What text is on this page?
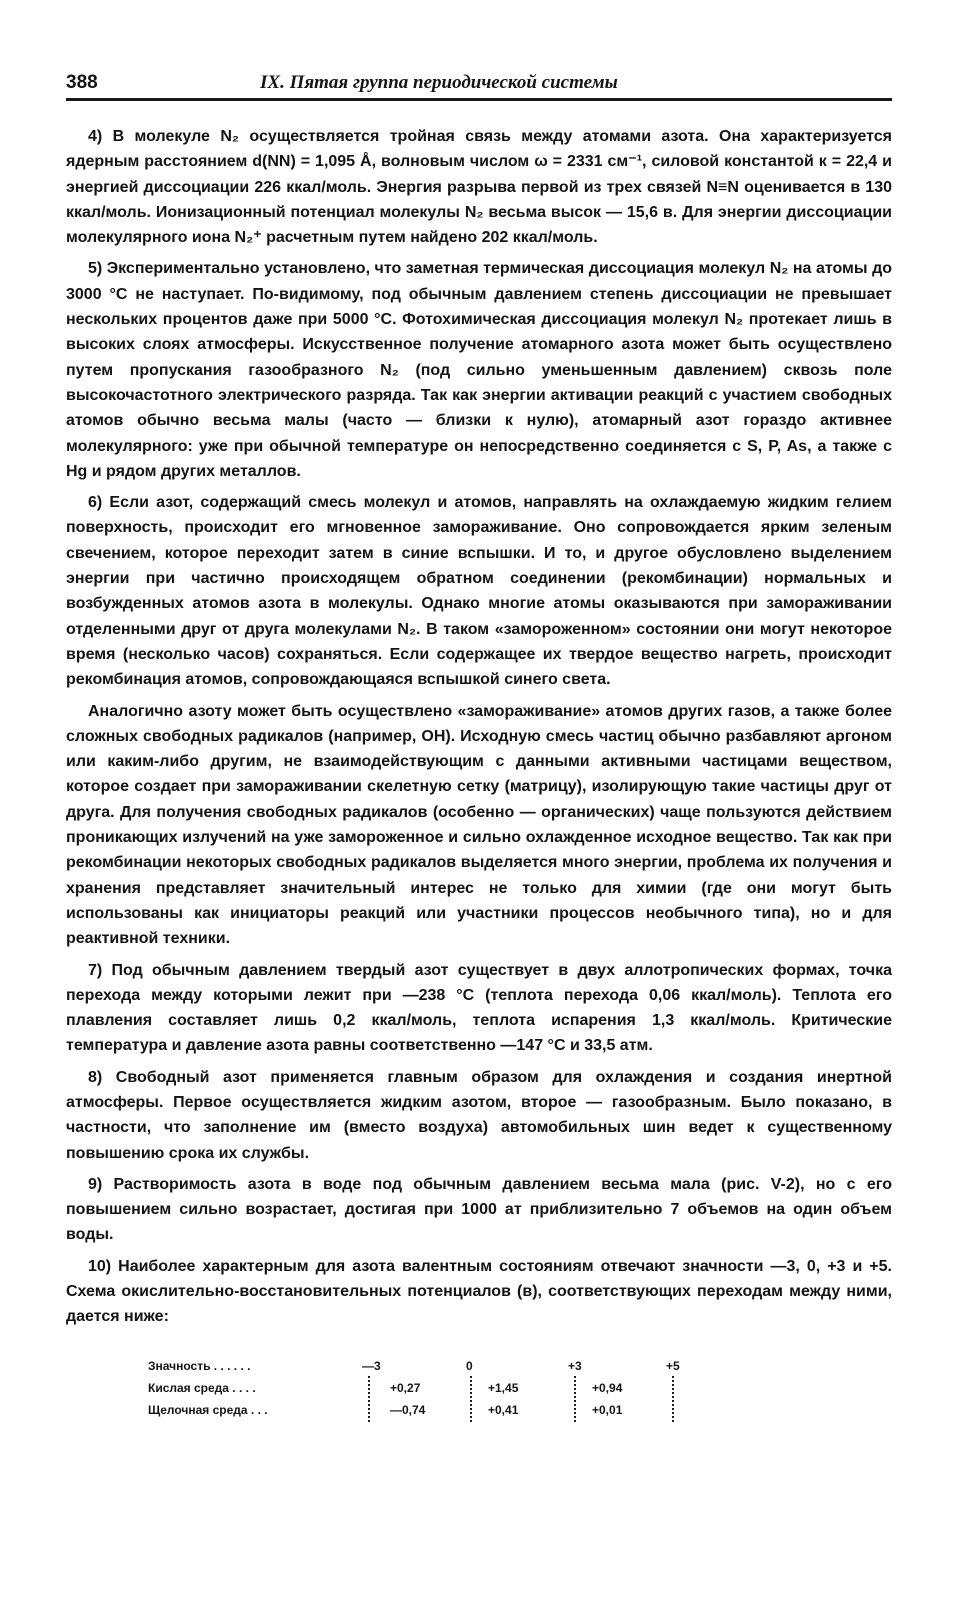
388	IX. Пятая группа периодической системы

4) В молекуле N₂ осуществляется тройная связь между атомами азота. Она характеризуется ядерным расстоянием d(NN) = 1,095 Å, волновым числом ω = 2331 см⁻¹, силовой константой к = 22,4 и энергией диссоциации 226 ккал/моль. Энергия разрыва первой из трех связей N≡N оценивается в 130 ккал/моль. Ионизационный потенциал молекулы N₂ весьма высок — 15,6 в. Для энергии диссоциации молекулярного иона N₂⁺ расчетным путем найдено 202 ккал/моль.

5) Экспериментально установлено, что заметная термическая диссоциация молекул N₂ на атомы до 3000 °С не наступает. По-видимому, под обычным давлением степень диссоциации не превышает нескольких процентов даже при 5000 °С. Фотохимическая диссоциация молекул N₂ протекает лишь в высоких слоях атмосферы. Искусственное получение атомарного азота может быть осуществлено путем пропускания газообразного N₂ (под сильно уменьшенным давлением) сквозь поле высокочастотного электрического разряда. Так как энергии активации реакций с участием свободных атомов обычно весьма малы (часто — близки к нулю), атомарный азот гораздо активнее молекулярного: уже при обычной температуре он непосредственно соединяется с S, P, As, а также с Hg и рядом других металлов.

6) Если азот, содержащий смесь молекул и атомов, направлять на охлаждаемую жидким гелием поверхность, происходит его мгновенное замораживание. Оно сопровождается ярким зеленым свечением, которое переходит затем в синие вспышки. И то, и другое обусловлено выделением энергии при частично происходящем обратном соединении (рекомбинации) нормальных и возбужденных атомов азота в молекулы. Однако многие атомы оказываются при замораживании отделенными друг от друга молекулами N₂. В таком «замороженном» состоянии они могут некоторое время (несколько часов) сохраняться. Если содержащее их твердое вещество нагреть, происходит рекомбинация атомов, сопровождающаяся вспышкой синего света.

Аналогично азоту может быть осуществлено «замораживание» атомов других газов, а также более сложных свободных радикалов (например, OH). Исходную смесь частиц обычно разбавляют аргоном или каким-либо другим, не взаимодействующим с данными активными частицами веществом, которое создает при замораживании скелетную сетку (матрицу), изолирующую такие частицы друг от друга. Для получения свободных радикалов (особенно — органических) чаще пользуются действием проникающих излучений на уже замороженное и сильно охлажденное исходное вещество. Так как при рекомбинации некоторых свободных радикалов выделяется много энергии, проблема их получения и хранения представляет значительный интерес не только для химии (где они могут быть использованы как инициаторы реакций или участники процессов необычного типа), но и для реактивной техники.

7) Под обычным давлением твердый азот существует в двух аллотропических формах, точка перехода между которыми лежит при —238 °С (теплота перехода 0,06 ккал/моль). Теплота его плавления составляет лишь 0,2 ккал/моль, теплота испарения 1,3 ккал/моль. Критические температура и давление азота равны соответственно —147 °С и 33,5 атм.

8) Свободный азот применяется главным образом для охлаждения и создания инертной атмосферы. Первое осуществляется жидким азотом, второе — газообразным. Было показано, в частности, что заполнение им (вместо воздуха) автомобильных шин ведет к существенному повышению срока их службы.

9) Растворимость азота в воде под обычным давлением весьма мала (рис. V-2), но с его повышением сильно возрастает, достигая при 1000 ат приблизительно 7 объемов на один объем воды.

10) Наиболее характерным для азота валентным состояниям отвечают значности —3, 0, +3 и +5. Схема окислительно-восстановительных потенциалов (в), соответствующих переходам между ними, дается ниже:

Значность . . . . . .	—3	0	+3	+5
Кислая среда . . . .	+0,27	+1,45	+0,94
Щелочная среда . . .	—0,74	+0,41	+0,01
